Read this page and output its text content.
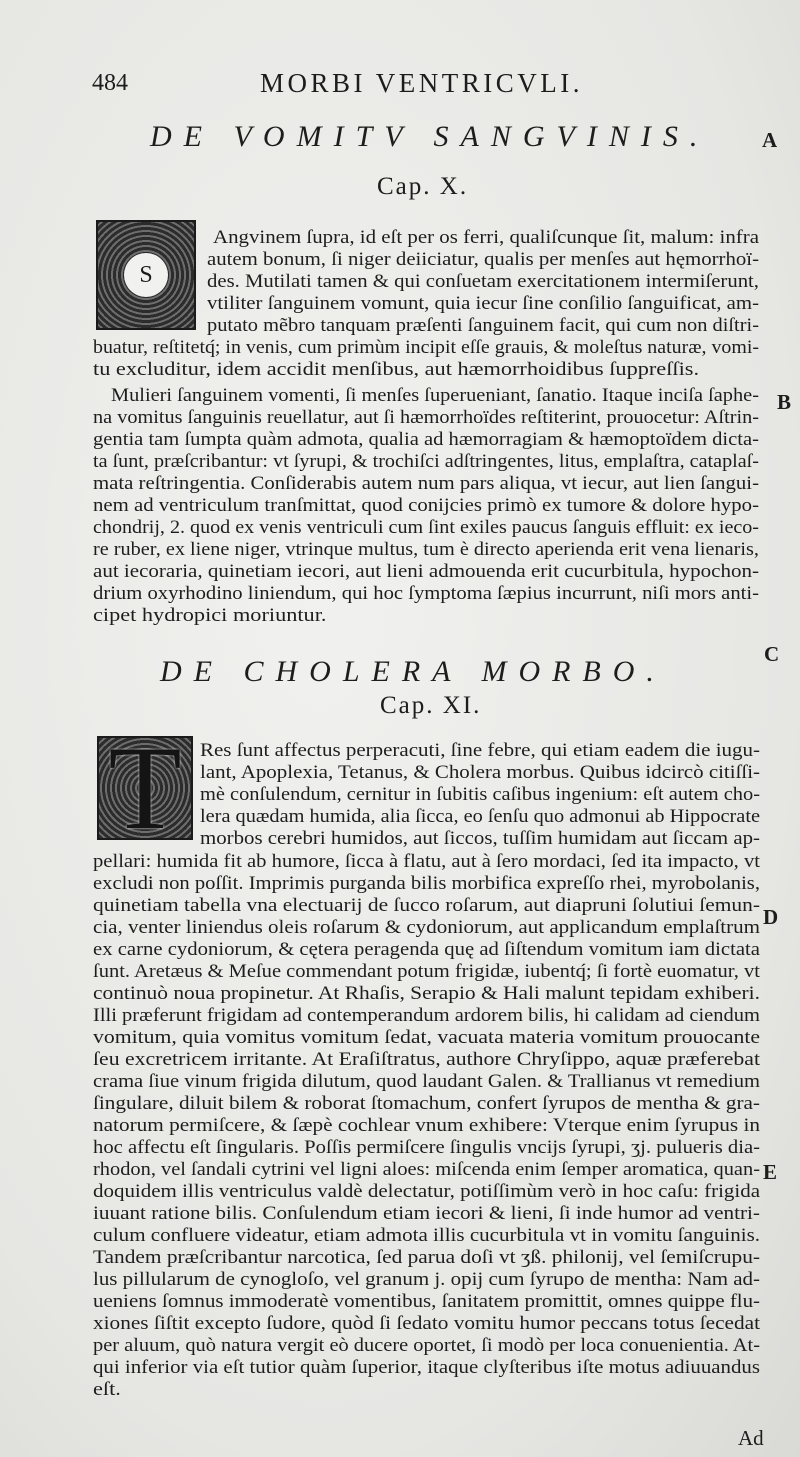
484	MORBI VENTRICVLI.
DE VOMITV SANGVINIS.	A
Cap. X.
S
Angvinem ſupra, id eſt per os ferri, qualiſcunque ſit, malum: infra
autem bonum, ſi niger deiiciatur, qualis per menſes aut hęmorrhoï-
des. Mutilati tamen & qui conſuetam exercitationem intermiſerunt,
vtiliter ſanguinem vomunt, quia iecur ſine conſilio ſanguificat, am-
putato mẽbro tanquam præſenti ſanguinem facit, qui cum non diſtri-
buatur, reſtitetq́; in venis, cum primùm incipit eſſe grauis, & moleſtus naturæ, vomi-
tu excluditur, idem accidit menſibus, aut hæmorrhoidibus ſuppreſſis.
Mulieri ſanguinem vomenti, ſi menſes ſuperueniant, ſanatio. Itaque inciſa ſaphe-
na vomitus ſanguinis reuellatur, aut ſi hæmorrhoïdes reſtiterint, prouocetur: Aſtrin-
gentia tam ſumpta quàm admota, qualia ad hæmorragiam & hæmoptoïdem dicta-
ta ſunt, præſcribantur: vt ſyrupi, & trochiſci adſtringentes, litus, emplaſtra, cataplaſ-
mata reſtringentia. Conſiderabis autem num pars aliqua, vt iecur, aut lien ſangui-
nem ad ventriculum tranſmittat, quod conijcies primò ex tumore & dolore hypo-
chondrij, 2. quod ex venis ventriculi cum ſint exiles paucus ſanguis effluit: ex ieco-
re ruber, ex liene niger, vtrinque multus, tum è directo aperienda erit vena lienaris,
aut iecoraria, quinetiam iecori, aut lieni admouenda erit cucurbitula, hypochon-
drium oxyrhodino liniendum, qui hoc ſymptoma ſæpius incurrunt, niſi mors anti-
cipet hydropici moriuntur.
B
DE CHOLERA MORBO.
C
Cap. XI.
T Res ſunt affectus perperacuti, ſine febre, qui etiam eadem die iugu-
lant, Apoplexia, Tetanus, & Cholera morbus. Quibus idcircò citiſſi-
mè conſulendum, cernitur in ſubitis caſibus ingenium: eſt autem cho-
lera quædam humida, alia ſicca, eo ſenſu quo admonui ab Hippocrate
morbos cerebri humidos, aut ſiccos, tuſſim humidam aut ſiccam ap-
pellari: humida fit ab humore, ſicca à flatu, aut à ſero mordaci, ſed ita impacto, vt
excludi non poſſit. Imprimis purganda bilis morbifica expreſſo rhei, myrobolanis,
quinetiam tabella vna electuarij de ſucco roſarum, aut diapruni ſolutiui ſemun-
cia, venter liniendus oleis roſarum & cydoniorum, aut applicandum emplaſtrum
ex carne cydoniorum, & cętera peragenda quę ad ſiſtendum vomitum iam dictata
ſunt. Aretæus & Meſue commendant potum frigidæ, iubentq́; ſi fortè euomatur, vt
continuò noua propinetur. At Rhaſis, Serapio & Hali malunt tepidam exhiberi.
Illi præferunt frigidam ad contemperandum ardorem bilis, hi calidam ad ciendum
vomitum, quia vomitus vomitum ſedat, vacuata materia vomitum prouocante
ſeu excretricem irritante. At Eraſiſtratus, authore Chryſippo, aquæ præferebat
crama ſiue vinum frigida dilutum, quod laudant Galen. & Trallianus vt remedium
ſingulare, diluit bilem & roborat ſtomachum, confert ſyrupos de mentha & gra-
natorum permiſcere, & ſæpè cochlear vnum exhibere: Vterque enim ſyrupus in
hoc affectu eſt ſingularis. Poſſis permiſcere ſingulis vncijs ſyrupi, ʒj. pulueris dia-
rhodon, vel ſandali cytrini vel ligni aloes: miſcenda enim ſemper aromatica, quan-
doquidem illis ventriculus valdè delectatur, potiſſimùm verò in hoc caſu: frigida
iuuant ratione bilis. Conſulendum etiam iecori & lieni, ſi inde humor ad ventri-
culum confluere videatur, etiam admota illis cucurbitula vt in vomitu ſanguinis.
Tandem præſcribantur narcotica, ſed parua doſi vt ʒß. philonij, vel ſemiſcrupu-
lus pillularum de cynogloſo, vel granum j. opij cum ſyrupo de mentha: Nam ad-
ueniens ſomnus immoderatè vomentibus, ſanitatem promittit, omnes quippe flu-
xiones ſiſtit excepto ſudore, quòd ſi ſedato vomitu humor peccans totus ſecedat
per aluum, quò natura vergit eò ducere oportet, ſi modò per loca conuenientia. At-
qui inferior via eſt tutior quàm ſuperior, itaque clyſteribus iſte motus adiuuandus
eſt.
D
E
Ad
